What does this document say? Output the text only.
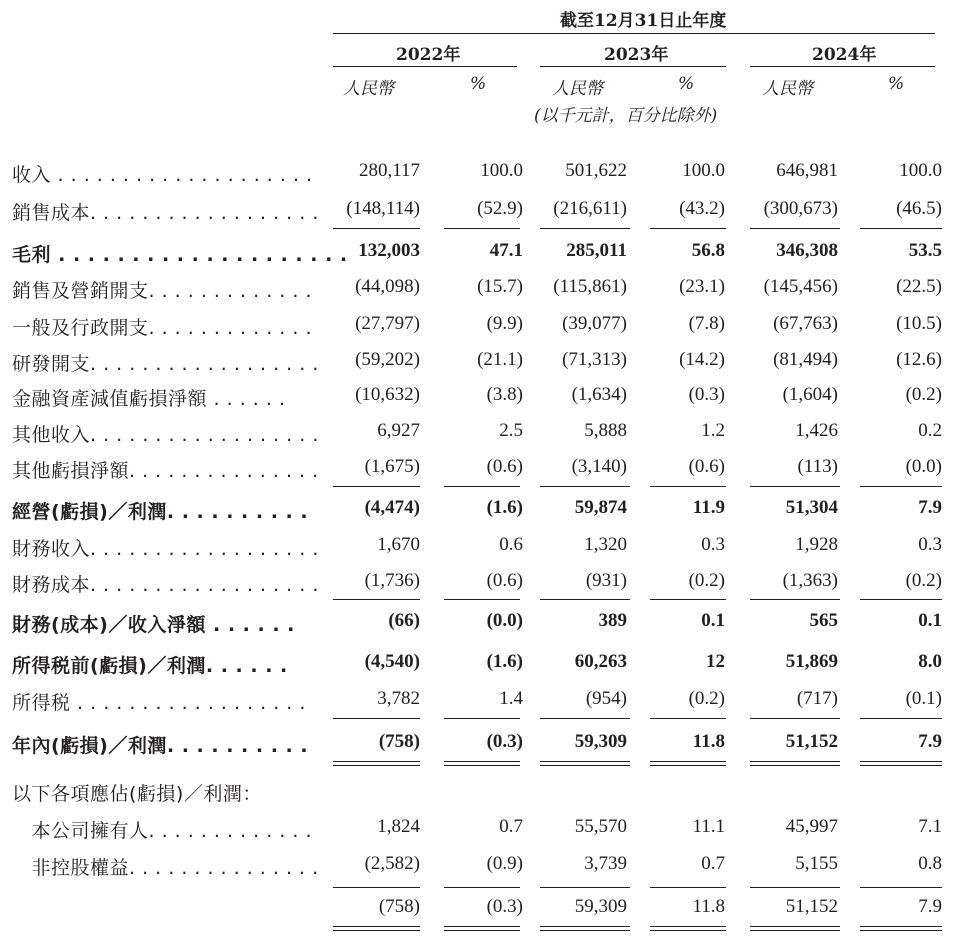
截至12月31日止年度
2022年	2023年	2024年
人民幣	%	人民幣	%	人民幣	%
(以千元計，百分比除外)
收入 . . . . . . . . . . . . . . . . . . . . 280,117	100.0 501,622	100.0	646,981	100.0
銷售成本. . . . . . . . . . . . . . . . . . (148,114)	(52.9) (216,611)	(43.2) (300,673)	(46.5)
毛利 . . . . . . . . . . . . . . . . . . . . 132,003	47.1 285,011	56.8	346,308	53.5
銷售及營銷開支. . . . . . . . . . . . . (44,098)	(15.7) (115,861)	(23.1) (145,456)	(22.5)
一般及行政開支. . . . . . . . . . . . . (27,797)	(9.9) (39,077)	(7.8)	(67,763)	(10.5)
研發開支. . . . . . . . . . . . . . . . . . (59,202)	(21.1) (71,313)	(14.2)	(81,494)	(12.6)
金融資產減值虧損淨額 . . . . . .	(10,632)	(3.8)	(1,634)	(0.3)	(1,604)	(0.2)
其他收入. . . . . . . . . . . . . . . . . .	6,927	2.5	5,888	1.2	1,426	0.2
其他虧損淨額. . . . . . . . . . . . . . . (1,675)	(0.6)	(3,140)	(0.6)	(113)	(0.0)
經營(虧損)／利潤. . . . . . . . . .	(4,474)	(1.6)	59,874	11.9	51,304	7.9
財務收入. . . . . . . . . . . . . . . . . .	1,670	0.6	1,320	0.3	1,928	0.3
財務成本. . . . . . . . . . . . . . . . . . (1,736)	(0.6)	(931)	(0.2)	(1,363)	(0.2)
財務(成本)／收入淨額 . . . . . .	(66)	(0.0)	389	0.1	565	0.1
所得税前(虧損)／利潤. . . . . .	(4,540)	(1.6)	60,263	12	51,869	8.0
所得税 . . . . . . . . . . . . . . . . . .	3,782	1.4	(954)	(0.2)	(717)	(0.1)
年內(虧損)／利潤. . . . . . . . . .	(758)	(0.3)	59,309	11.8	51,152	7.9
以下各項應佔(虧損)／利潤：
　本公司擁有人. . . . . . . . . . . . .	1,824	0.7	55,570	11.1	45,997	7.1
　非控股權益. . . . . . . . . . . . . . . (2,582)	(0.9)	3,739	0.7	5,155	0.8
(758)	(0.3)	59,309	11.8	51,152	7.9
